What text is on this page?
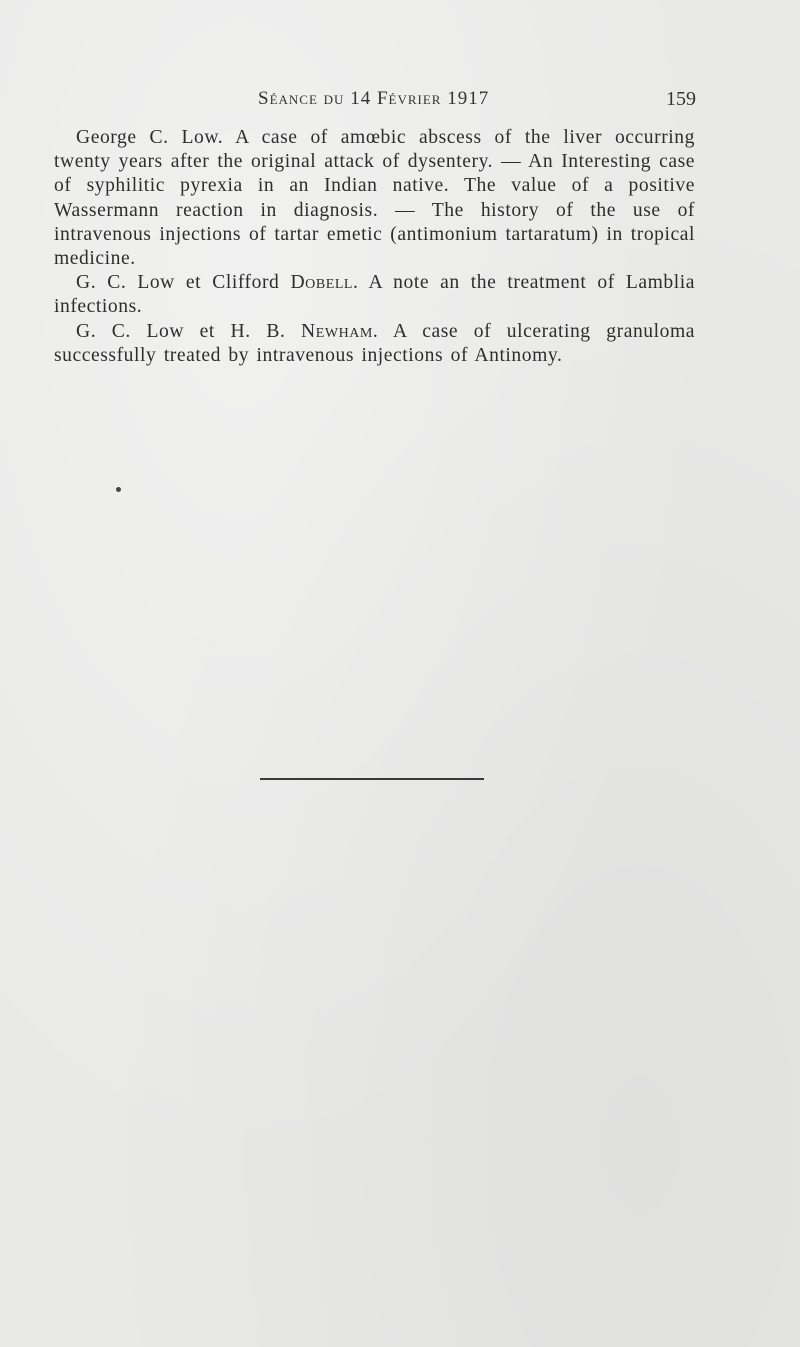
Séance du 14 Février 1917	159

George C. Low. A case of amœbic abscess of the liver occurring twenty years after the original attack of dysentery. — An Interesting case of syphilitic pyrexia in an Indian native. The value of a positive Wassermann reaction in diagnosis. — The history of the use of intravenous injections of tartar emetic (antimonium tartaratum) in tropical medicine.

G. C. Low et Clifford Dobell. A note an the treatment of Lamblia infections.

G. C. Low et H. B. Newham. A case of ulcerating granuloma successfully treated by intravenous injections of Antinomy.
